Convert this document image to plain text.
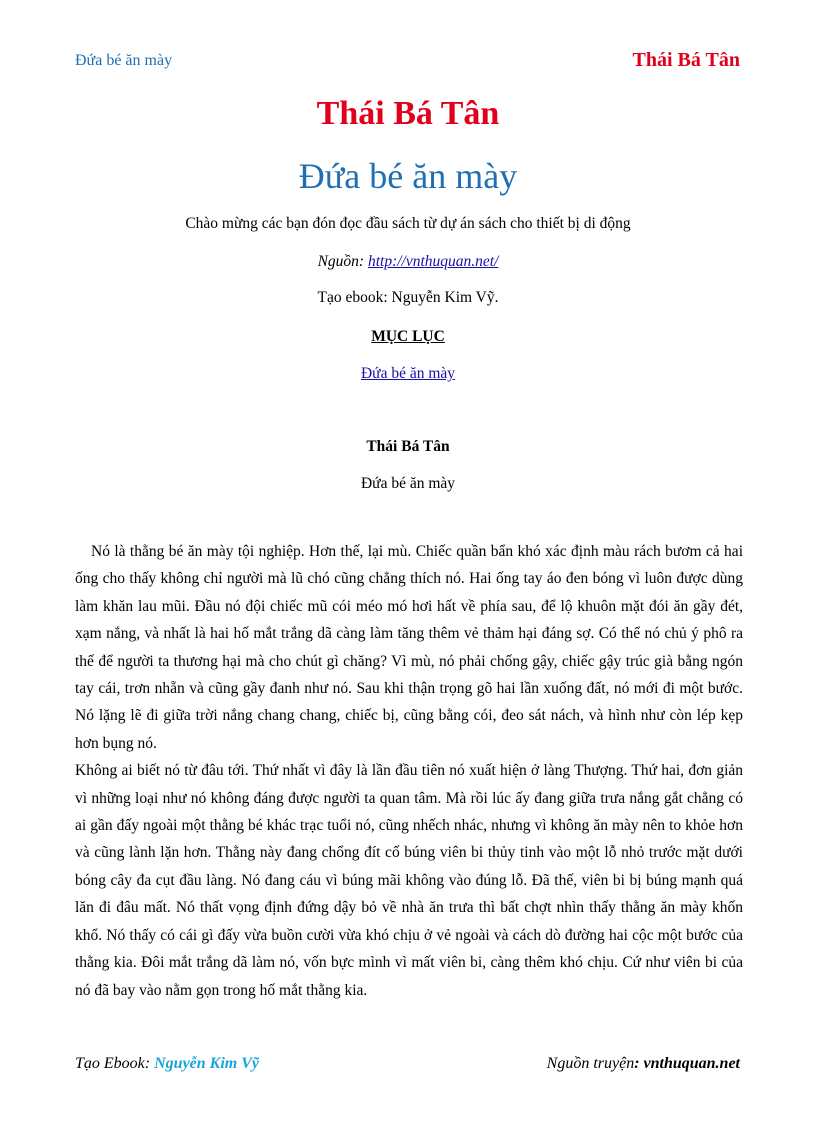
Đứa bé ăn mày	Thái Bá Tân
Thái Bá Tân
Đứa bé ăn mày
Chào mừng các bạn đón đọc đầu sách từ dự án sách cho thiết bị di động
Nguồn: http://vnthuquan.net/
Tạo ebook: Nguyễn Kim Vỹ.
MỤC LỤC
Đứa bé ăn mày
Thái Bá Tân
Đứa bé ăn mày

Nó là thằng bé ăn mày tội nghiệp. Hơn thế, lại mù. Chiếc quần bẩn khó xác định màu rách bươm cả hai ống cho thấy không chỉ người mà lũ chó cũng chẳng thích nó. Hai ống tay áo đen bóng vì luôn được dùng làm khăn lau mũi. Đầu nó đội chiếc mũ cói méo mó hơi hất về phía sau, để lộ khuôn mặt đói ăn gầy đét, xạm nắng, và nhất là hai hố mắt trắng dã càng làm tăng thêm vẻ thảm hại đáng sợ. Có thể nó chủ ý phô ra thế để người ta thương hại mà cho chút gì chăng? Vì mù, nó phải chống gậy, chiếc gậy trúc già bằng ngón tay cái, trơn nhẵn và cũng gầy đanh như nó. Sau khi thận trọng gõ hai lần xuống đất, nó mới đi một bước. Nó lặng lẽ đi giữa trời nắng chang chang, chiếc bị, cũng bằng cói, đeo sát nách, và hình như còn lép kẹp hơn bụng nó.

Không ai biết nó từ đâu tới. Thứ nhất vì đây là lần đầu tiên nó xuất hiện ở làng Thượng. Thứ hai, đơn giản vì những loại như nó không đáng được người ta quan tâm. Mà rồi lúc ấy đang giữa trưa nắng gắt chẳng có ai gần đấy ngoài một thằng bé khác trạc tuổi nó, cũng nhếch nhác, nhưng vì không ăn mày nên to khỏe hơn và cũng lành lặn hơn. Thằng này đang chổng đít cố búng viên bi thủy tinh vào một lỗ nhỏ trước mặt dưới bóng cây đa cụt đầu làng. Nó đang cáu vì búng mãi không vào đúng lỗ. Đã thế, viên bi bị búng mạnh quá lăn đi đâu mất. Nó thất vọng định đứng dậy bỏ về nhà ăn trưa thì bất chợt nhìn thấy thằng ăn mày khốn khổ. Nó thấy có cái gì đấy vừa buồn cười vừa khó chịu ở vẻ ngoài và cách dò đường hai cộc một bước của thằng kia. Đôi mắt trắng dã làm nó, vốn bực mình vì mất viên bi, càng thêm khó chịu. Cứ như viên bi của nó đã bay vào nằm gọn trong hố mắt thằng kia.

Tạo Ebook: Nguyễn Kim Vỹ	Nguồn truyện: vnthuquan.net
